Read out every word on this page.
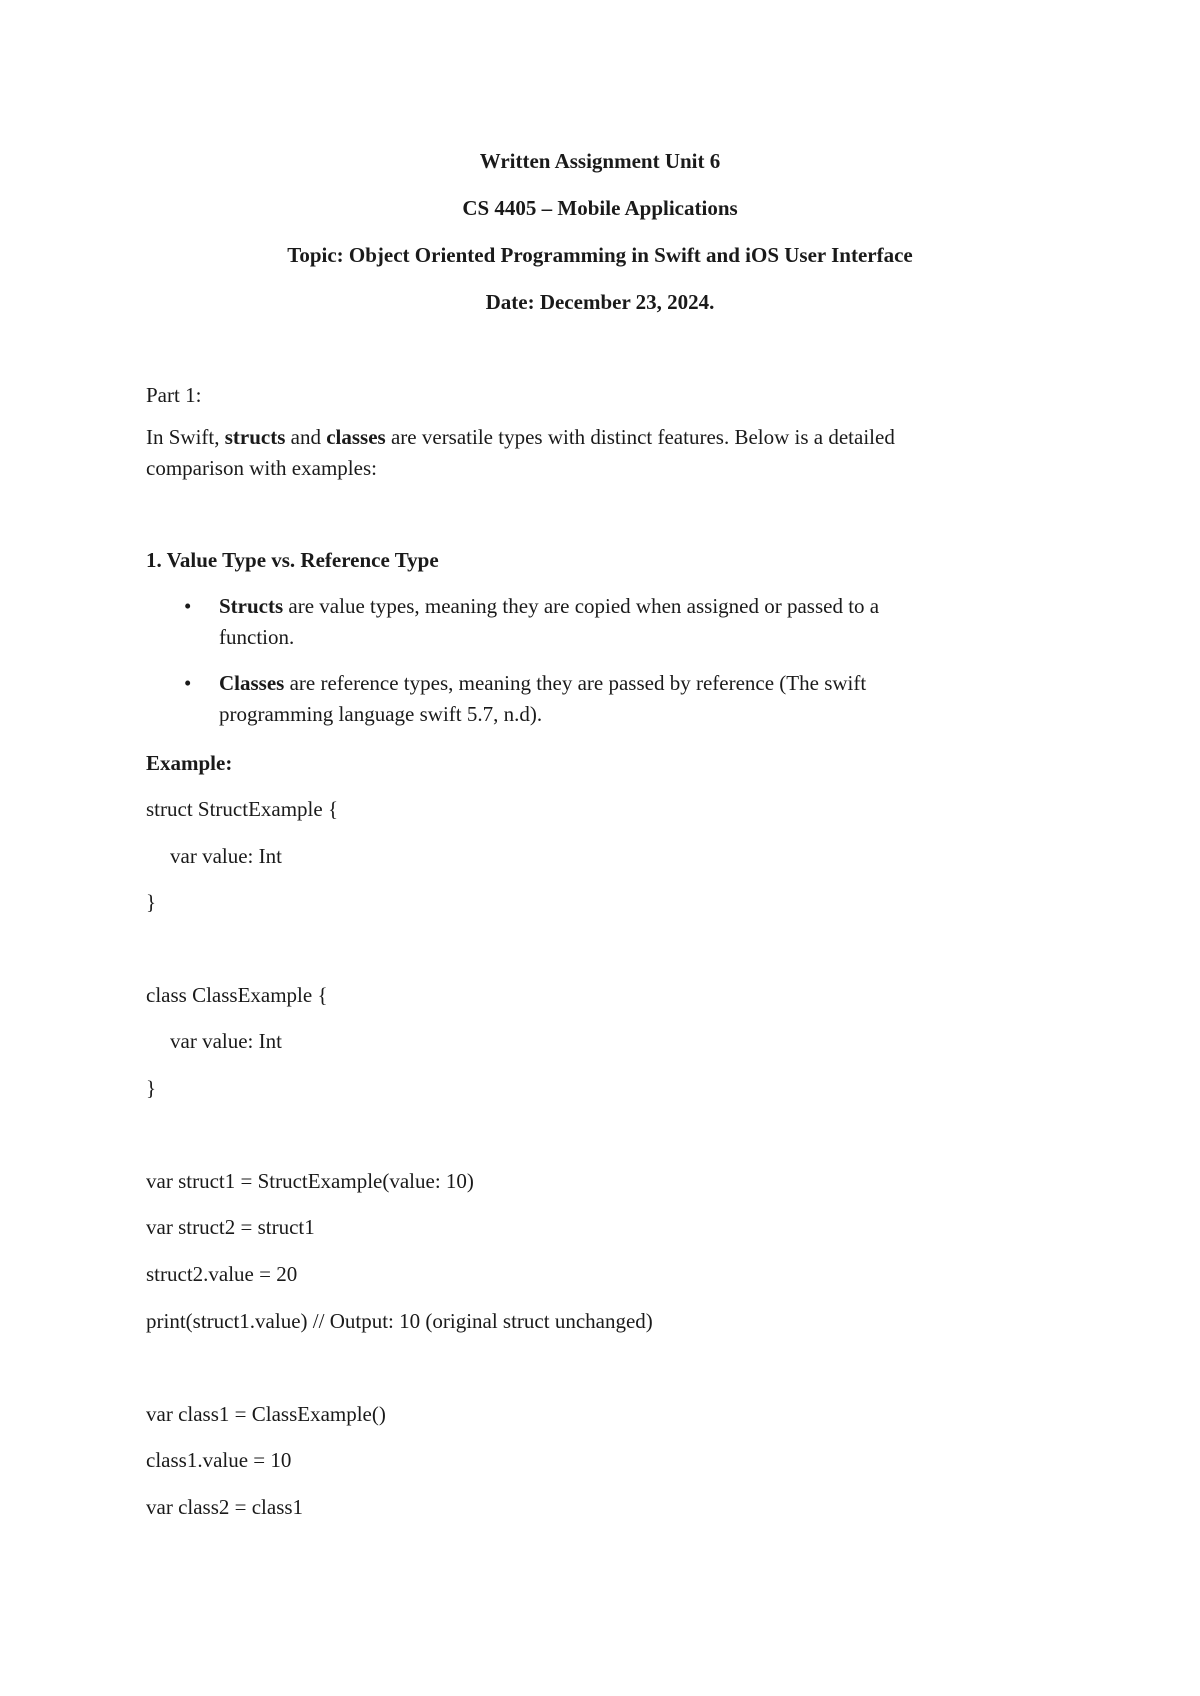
Written Assignment Unit 6
CS 4405 – Mobile Applications
Topic: Object Oriented Programming in Swift and iOS User Interface
Date: December 23, 2024.
Part 1:
In Swift, structs and classes are versatile types with distinct features. Below is a detailed
comparison with examples:
1. Value Type vs. Reference Type
• Structs are value types, meaning they are copied when assigned or passed to a
function.
• Classes are reference types, meaning they are passed by reference (The swift
programming language swift 5.7, n.d).
Example:
struct StructExample {
var value: Int
}
class ClassExample {
var value: Int
}
var struct1 = StructExample(value: 10)
var struct2 = struct1
struct2.value = 20
print(struct1.value) // Output: 10 (original struct unchanged)
var class1 = ClassExample()
class1.value = 10
var class2 = class1
